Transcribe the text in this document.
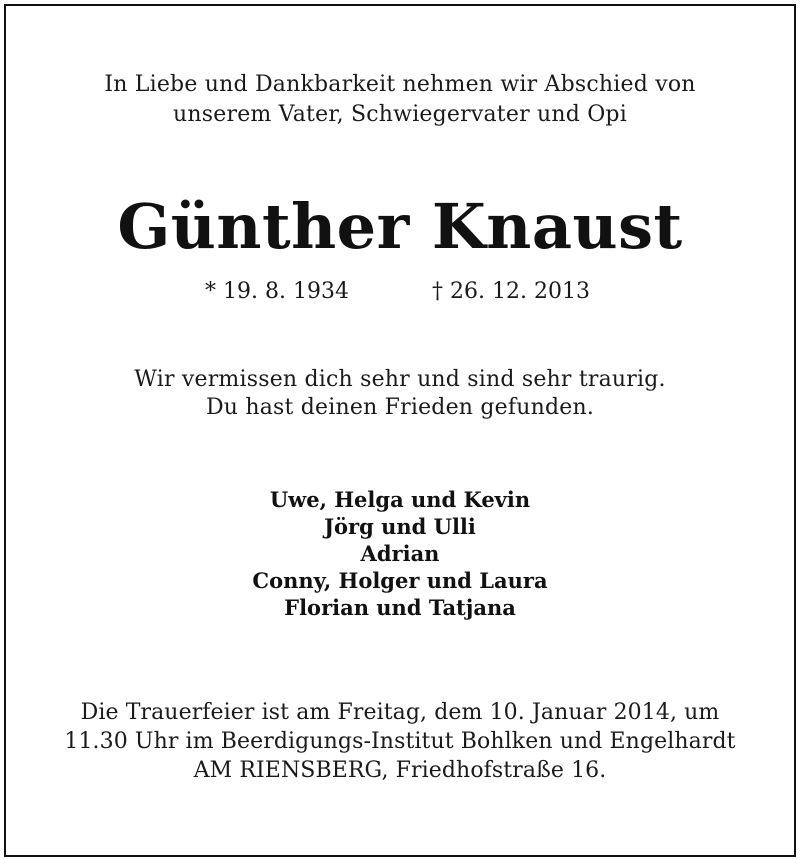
In Liebe und Dankbarkeit nehmen wir Abschied von
unserem Vater, Schwiegervater und Opi
Günther Knaust
* 19. 8. 1934	† 26. 12. 2013
Wir vermissen dich sehr und sind sehr traurig.
Du hast deinen Frieden gefunden.
Uwe, Helga und Kevin
Jörg und Ulli
Adrian
Conny, Holger und Laura
Florian und Tatjana
Die Trauerfeier ist am Freitag, dem 10. Januar 2014, um
11.30 Uhr im Beerdigungs-Institut Bohlken und Engelhardt
AM RIENSBERG, Friedhofstraße 16.
